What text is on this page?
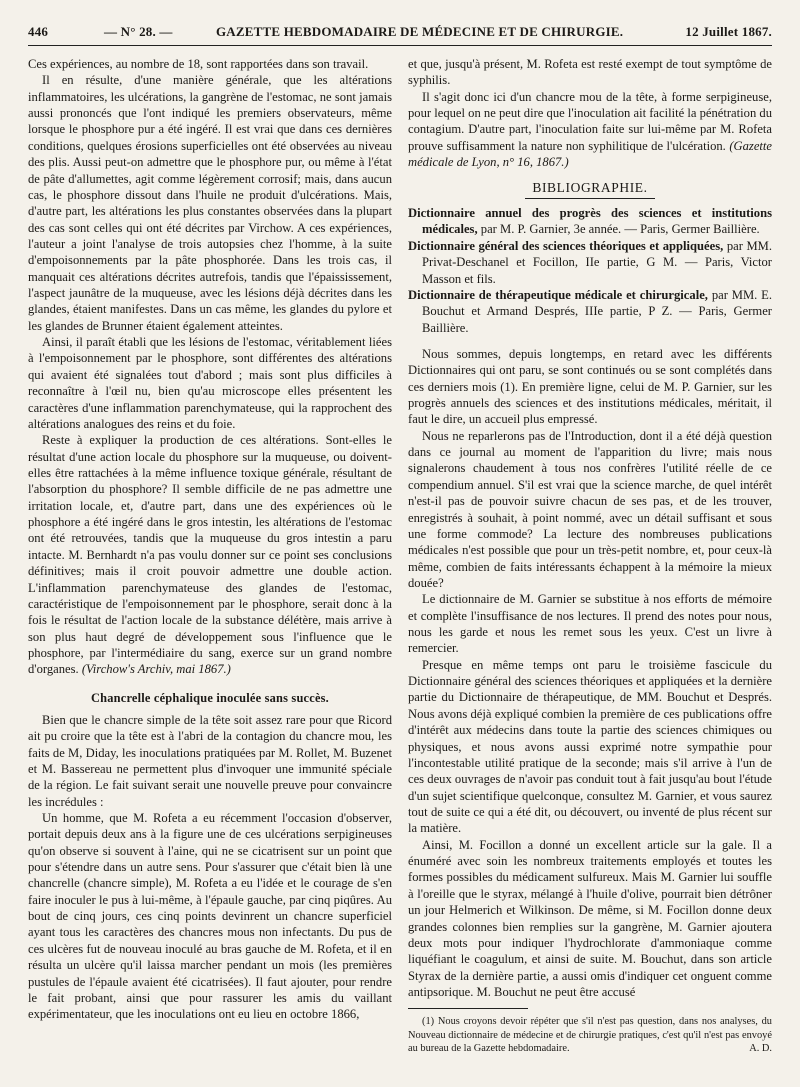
446	— N° 28. —	GAZETTE HEBDOMADAIRE DE MÉDECINE ET DE CHIRURGIE.	12 Juillet 1867.

Ces expériences, au nombre de 18, sont rapportées dans son travail.

Il en résulte, d'une manière générale, que les altérations inflammatoires, les ulcérations, la gangrène de l'estomac, ne sont jamais aussi prononcés que l'ont indiqué les premiers observateurs, même lorsque le phosphore pur a été ingéré. Il est vrai que dans ces dernières conditions, quelques érosions superficielles ont été observées au niveau des plis. Aussi peut-on admettre que le phosphore pur, ou même à l'état de pâte d'allumettes, agit comme légèrement corrosif; mais, dans aucun cas, le phosphore dissout dans l'huile ne produit d'ulcérations. Mais, d'autre part, les altérations les plus constantes observées dans la plupart des cas sont celles qui ont été décrites par Virchow. A ces expériences, l'auteur a joint l'analyse de trois autopsies chez l'homme, à la suite d'empoisonnements par la pâte phosphorée. Dans les trois cas, il manquait ces altérations décrites autrefois, tandis que l'épaississement, l'aspect jaunâtre de la muqueuse, avec les lésions déjà décrites dans les glandes, étaient manifestes. Dans un cas même, les glandes du pylore et les glandes de Brunner étaient également atteintes.

Ainsi, il paraît établi que les lésions de l'estomac, véritablement liées à l'empoisonnement par le phosphore, sont différentes des altérations qui avaient été signalées tout d'abord ; mais sont plus difficiles à reconnaître à l'œil nu, bien qu'au microscope elles présentent les caractères d'une inflammation parenchymateuse, qui la rapprochent des altérations analogues des reins et du foie.

Reste à expliquer la production de ces altérations. Sont-elles le résultat d'une action locale du phosphore sur la muqueuse, ou doivent-elles être rattachées à la même influence toxique générale, résultant de l'absorption du phosphore? Il semble difficile de ne pas admettre une irritation locale, et, d'autre part, dans une des expériences où le phosphore a été ingéré dans le gros intestin, les altérations de l'estomac ont été retrouvées, tandis que la muqueuse du gros intestin a paru intacte. M. Bernhardt n'a pas voulu donner sur ce point ses conclusions définitives; mais il croit pouvoir admettre une double action. L'inflammation parenchymateuse des glandes de l'estomac, caractéristique de l'empoisonnement par le phosphore, serait donc à la fois le résultat de l'action locale de la substance délétère, mais arrive à son plus haut degré de développement sous l'influence que le phosphore, par l'intermédiaire du sang, exerce sur un grand nombre d'organes. (Virchow's Archiv, mai 1867.)

Chancrelle céphalique inoculée sans succès.

Bien que le chancre simple de la tête soit assez rare pour que Ricord ait pu croire que la tête est à l'abri de la contagion du chancre mou, les faits de M, Diday, les inoculations pratiquées par M. Rollet, M. Buzenet et M. Bassereau ne permettent plus d'invoquer une immunité spéciale de la région. Le fait suivant serait une nouvelle preuve pour convaincre les incrédules :

Un homme, que M. Rofeta a eu récemment l'occasion d'observer, portait depuis deux ans à la figure une de ces ulcérations serpigineuses qu'on observe si souvent à l'aine, qui ne se cicatrisent sur un point que pour s'étendre dans un autre sens. Pour s'assurer que c'était bien là une chancrelle (chancre simple), M. Rofeta a eu l'idée et le courage de s'en faire inoculer le pus à lui-même, à l'épaule gauche, par cinq piqûres. Au bout de cinq jours, ces cinq points devinrent un chancre superficiel ayant tous les caractères des chancres mous non infectants. Du pus de ces ulcères fut de nouveau inoculé au bras gauche de M. Rofeta, et il en résulta un ulcère qu'il laissa marcher pendant un mois (les premières pustules de l'épaule avaient été cicatrisées). Il faut ajouter, pour rendre le fait probant, ainsi que pour rassurer les amis du vaillant expérimentateur, que les inoculations ont eu lieu en octobre 1866,

et que, jusqu'à présent, M. Rofeta est resté exempt de tout symptôme de syphilis.

Il s'agit donc ici d'un chancre mou de la tête, à forme serpigineuse, pour lequel on ne peut dire que l'inoculation ait facilité la pénétration du contagium. D'autre part, l'inoculation faite sur lui-même par M. Rofeta prouve suffisamment la nature non syphilitique de l'ulcération. (Gazette médicale de Lyon, n° 16, 1867.)

BIBLIOGRAPHIE.

Dictionnaire annuel des progrès des sciences et institutions médicales, par M. P. Garnier, 3e année. — Paris, Germer Baillière.

Dictionnaire général des sciences théoriques et appliquées, par MM. Privat-Deschanel et Focillon, IIe partie, G M. — Paris, Victor Masson et fils.

Dictionnaire de thérapeutique médicale et chirurgicale, par MM. E. Bouchut et Armand Després, IIIe partie, P Z. — Paris, Germer Baillière.

Nous sommes, depuis longtemps, en retard avec les différents Dictionnaires qui ont paru, se sont continués ou se sont complétés dans ces derniers mois (1). En première ligne, celui de M. P. Garnier, sur les progrès annuels des sciences et des institutions médicales, méritait, il faut le dire, un accueil plus empressé.

Nous ne reparlerons pas de l'Introduction, dont il a été déjà question dans ce journal au moment de l'apparition du livre; mais nous signalerons chaudement à tous nos confrères l'utilité réelle de ce compendium annuel. S'il est vrai que la science marche, de quel intérêt n'est-il pas de pouvoir suivre chacun de ses pas, et de les trouver, enregistrés à souhait, à point nommé, avec un détail suffisant et sous une forme commode? La lecture des nombreuses publications médicales n'est possible que pour un très-petit nombre, et, pour ceux-là même, combien de faits intéressants échappent à la mémoire la mieux douée?

Le dictionnaire de M. Garnier se substitue à nos efforts de mémoire et complète l'insuffisance de nos lectures. Il prend des notes pour nous, nous les garde et nous les remet sous les yeux. C'est un livre à remercier.

Presque en même temps ont paru le troisième fascicule du Dictionnaire général des sciences théoriques et appliquées et la dernière partie du Dictionnaire de thérapeutique, de MM. Bouchut et Després. Nous avons déjà expliqué combien la première de ces publications offre d'intérêt aux médecins dans toute la partie des sciences chimiques ou physiques, et nous avons aussi exprimé notre sympathie pour l'incontestable utilité pratique de la seconde; mais s'il arrive à l'un de ces deux ouvrages de n'avoir pas conduit tout à fait jusqu'au bout l'étude d'un sujet scientifique quelconque, consultez M. Garnier, et vous saurez tout de suite ce qui a été dit, ou découvert, ou inventé de plus récent sur la matière.

Ainsi, M. Focillon a donné un excellent article sur la gale. Il a énuméré avec soin les nombreux traitements employés et toutes les formes possibles du médicament sulfureux. Mais M. Garnier lui souffle à l'oreille que le styrax, mélangé à l'huile d'olive, pourrait bien détrôner un jour Helmerich et Wilkinson. De même, si M. Focillon donne deux grandes colonnes bien remplies sur la gangrène, M. Garnier ajoutera deux mots pour indiquer l'hydrochlorate d'ammoniaque comme liquéfiant le coagulum, et ainsi de suite. M. Bouchut, dans son article Styrax de la dernière partie, a aussi omis d'indiquer cet onguent comme antipsorique. M. Bouchut ne peut être accusé

(1) Nous croyons devoir répéter que s'il n'est pas question, dans nos analyses, du Nouveau dictionnaire de médecine et de chirurgie pratiques, c'est qu'il n'est pas envoyé au bureau de la Gazette hebdomadaire.	A. D.
